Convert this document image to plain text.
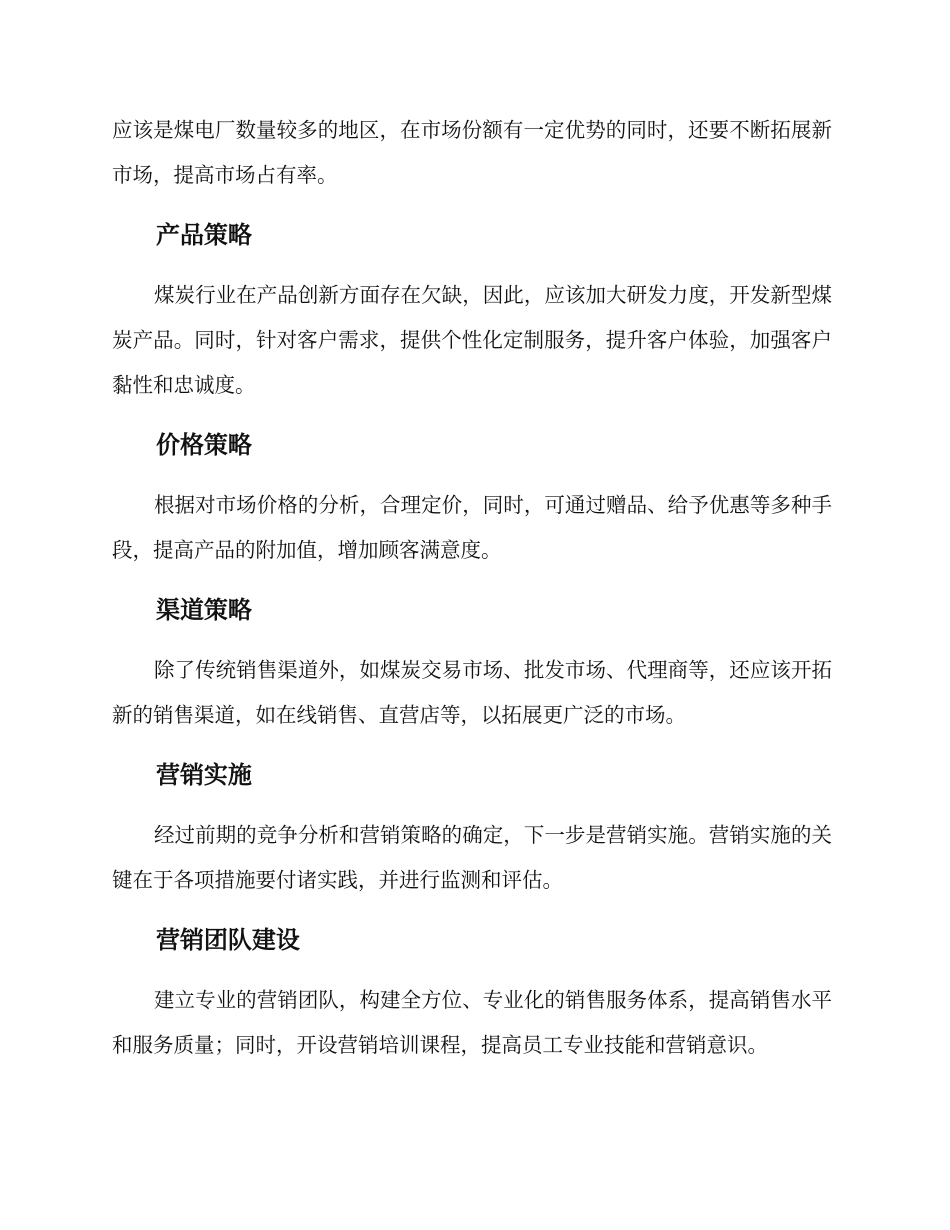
应该是煤电厂数量较多的地区，在市场份额有一定优势的同时，还要不断拓展新市场，提高市场占有率。

产品策略

煤炭行业在产品创新方面存在欠缺，因此，应该加大研发力度，开发新型煤炭产品。同时，针对客户需求，提供个性化定制服务，提升客户体验，加强客户黏性和忠诚度。

价格策略

根据对市场价格的分析，合理定价，同时，可通过赠品、给予优惠等多种手段，提高产品的附加值，增加顾客满意度。

渠道策略

除了传统销售渠道外，如煤炭交易市场、批发市场、代理商等，还应该开拓新的销售渠道，如在线销售、直营店等，以拓展更广泛的市场。

营销实施

经过前期的竞争分析和营销策略的确定，下一步是营销实施。营销实施的关键在于各项措施要付诸实践，并进行监测和评估。

营销团队建设

建立专业的营销团队，构建全方位、专业化的销售服务体系，提高销售水平和服务质量；同时，开设营销培训课程，提高员工专业技能和营销意识。
